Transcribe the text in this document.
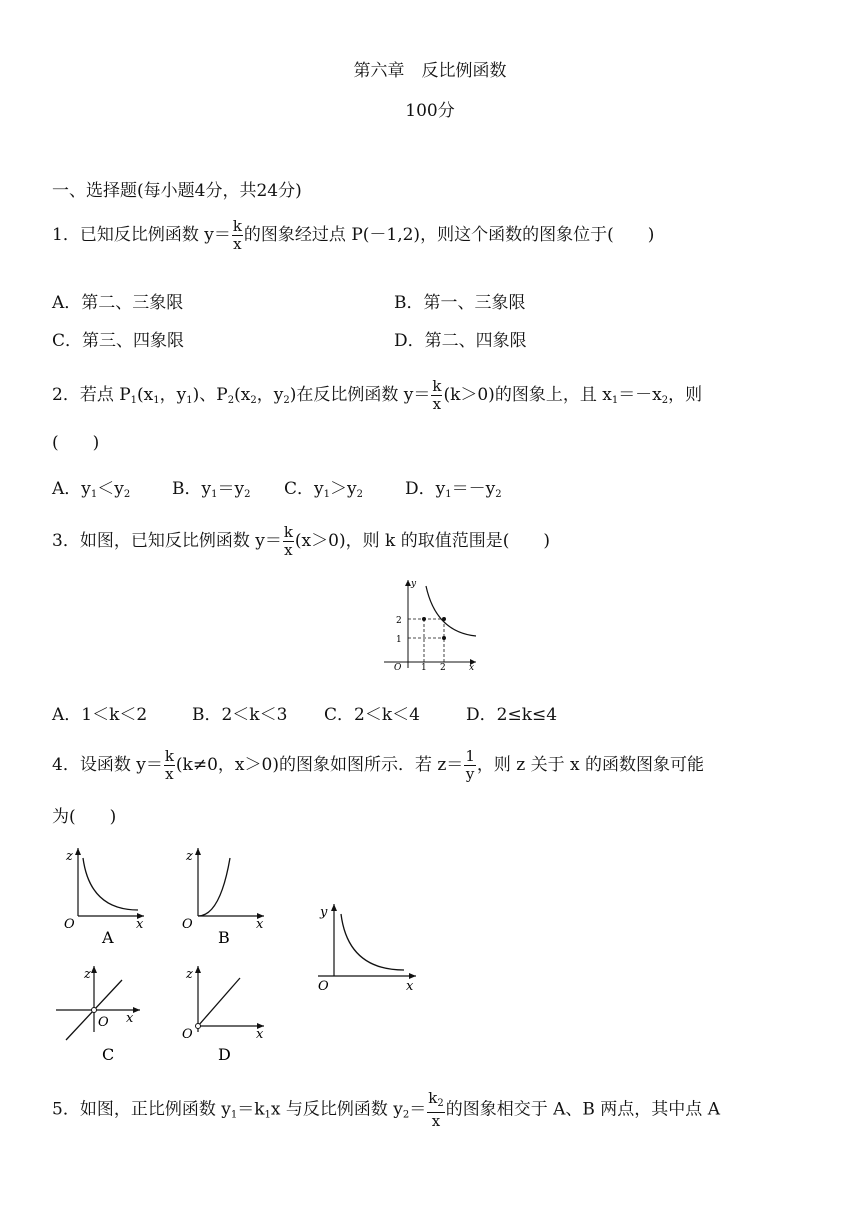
第六章　反比例函数
100分
一、选择题(每小题4分，共24分)
1．已知反比例函数 $y= \frac{k}{x}$ 的图象经过点 P(－1,2)，则这个函数的图象位于(　　)
A．第二、三象限	B．第一、三象限
C．第三、四象限	D．第二、四象限
2．若点 $P_1(x_1$，$y_1$)、$P_2(x_2$，$y_2$)在反比例函数 $y= \frac{k}{x} (k>0)$的图象上，且 $x_1=-x_2$，则
(　　)
A．$y_1<y_2$ B．$y_1=y_2$ C．$y_1>y_2$ D．$y_1=-y_2$
3．如图，已知反比例函数 $y= \frac{k}{x} (x>0)$，则 k 的取值范围是(　　)
y
x
O
2
1
1 2
A．1＜k＜2	B．2＜k＜3 C．2＜k＜4	D．2≤k≤4
4．设函数 $y= \frac{k}{x} (k\ne 0$，x＞0)的图象如图所示．若 $z= \frac{1}{y}$ ，则 z 关于 x 的函数图象可能
为(　　)
z
x
O
A
z
x
O
B
y
x
O
z
x
O
C
z
x
O
D
5．如图，正比例函数 $y_1=k_1x$ 与反比例函数 $y_2= \frac{k_2}{x}$ 的图象相交于 A、B 两点，其中点 A
